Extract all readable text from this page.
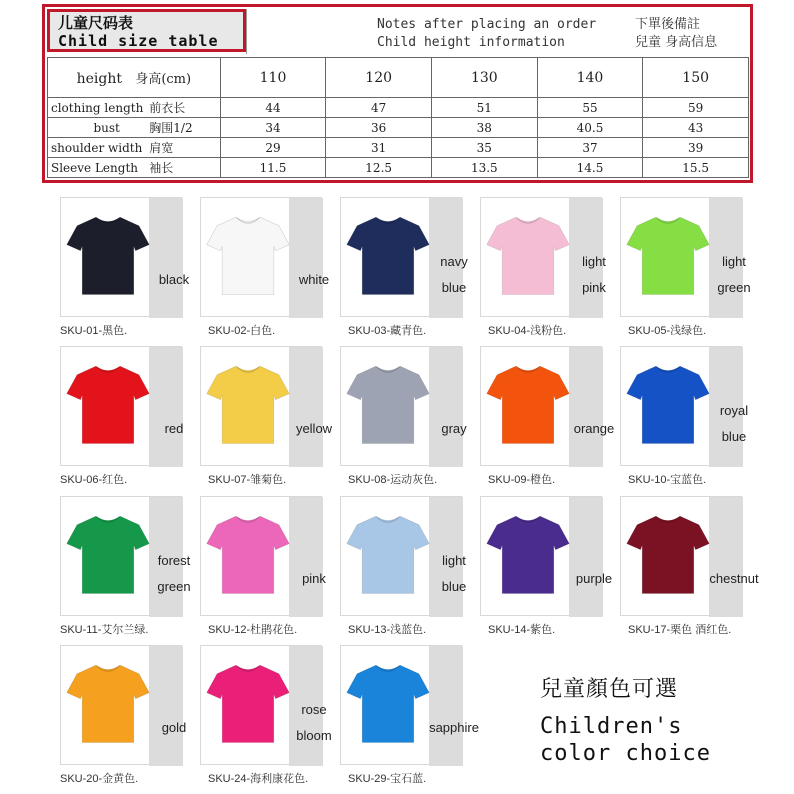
儿童尺码表
Child size table
Notes after placing an order
Child height information
下單後備註
兒童 身高信息
height 身高(cm)		110	120	130	140	150
clothing length	前衣长	44	47	51	55	59
bust	胸围1/2	34	36	38	40.5	43
shoulder width	肩宽	29	31	35	37	39
Sleeve Length	袖长	11.5	12.5	13.5	14.5	15.5
black
SKU-01-黑色.
white
SKU-02-白色.
navy
blue
SKU-03-藏青色.
light
pink
SKU-04-浅粉色.
light
green
SKU-05-浅绿色.
red
SKU-06-红色.
yellow
SKU-07-雏菊色.
gray
SKU-08-运动灰色.
orange
SKU-09-橙色.
royal
blue
SKU-10-宝蓝色.
forest
green
SKU-11-艾尔兰绿.
pink
SKU-12-杜鹃花色.
light
blue
SKU-13-浅蓝色.
purple
SKU-14-紫色.
chestnut
SKU-17-栗色 酒红色.
gold
SKU-20-金黄色.
rose
bloom
SKU-24-海利康花色.
sapphire
SKU-29-宝石蓝.
兒童顏色可選
Children's
color choice
